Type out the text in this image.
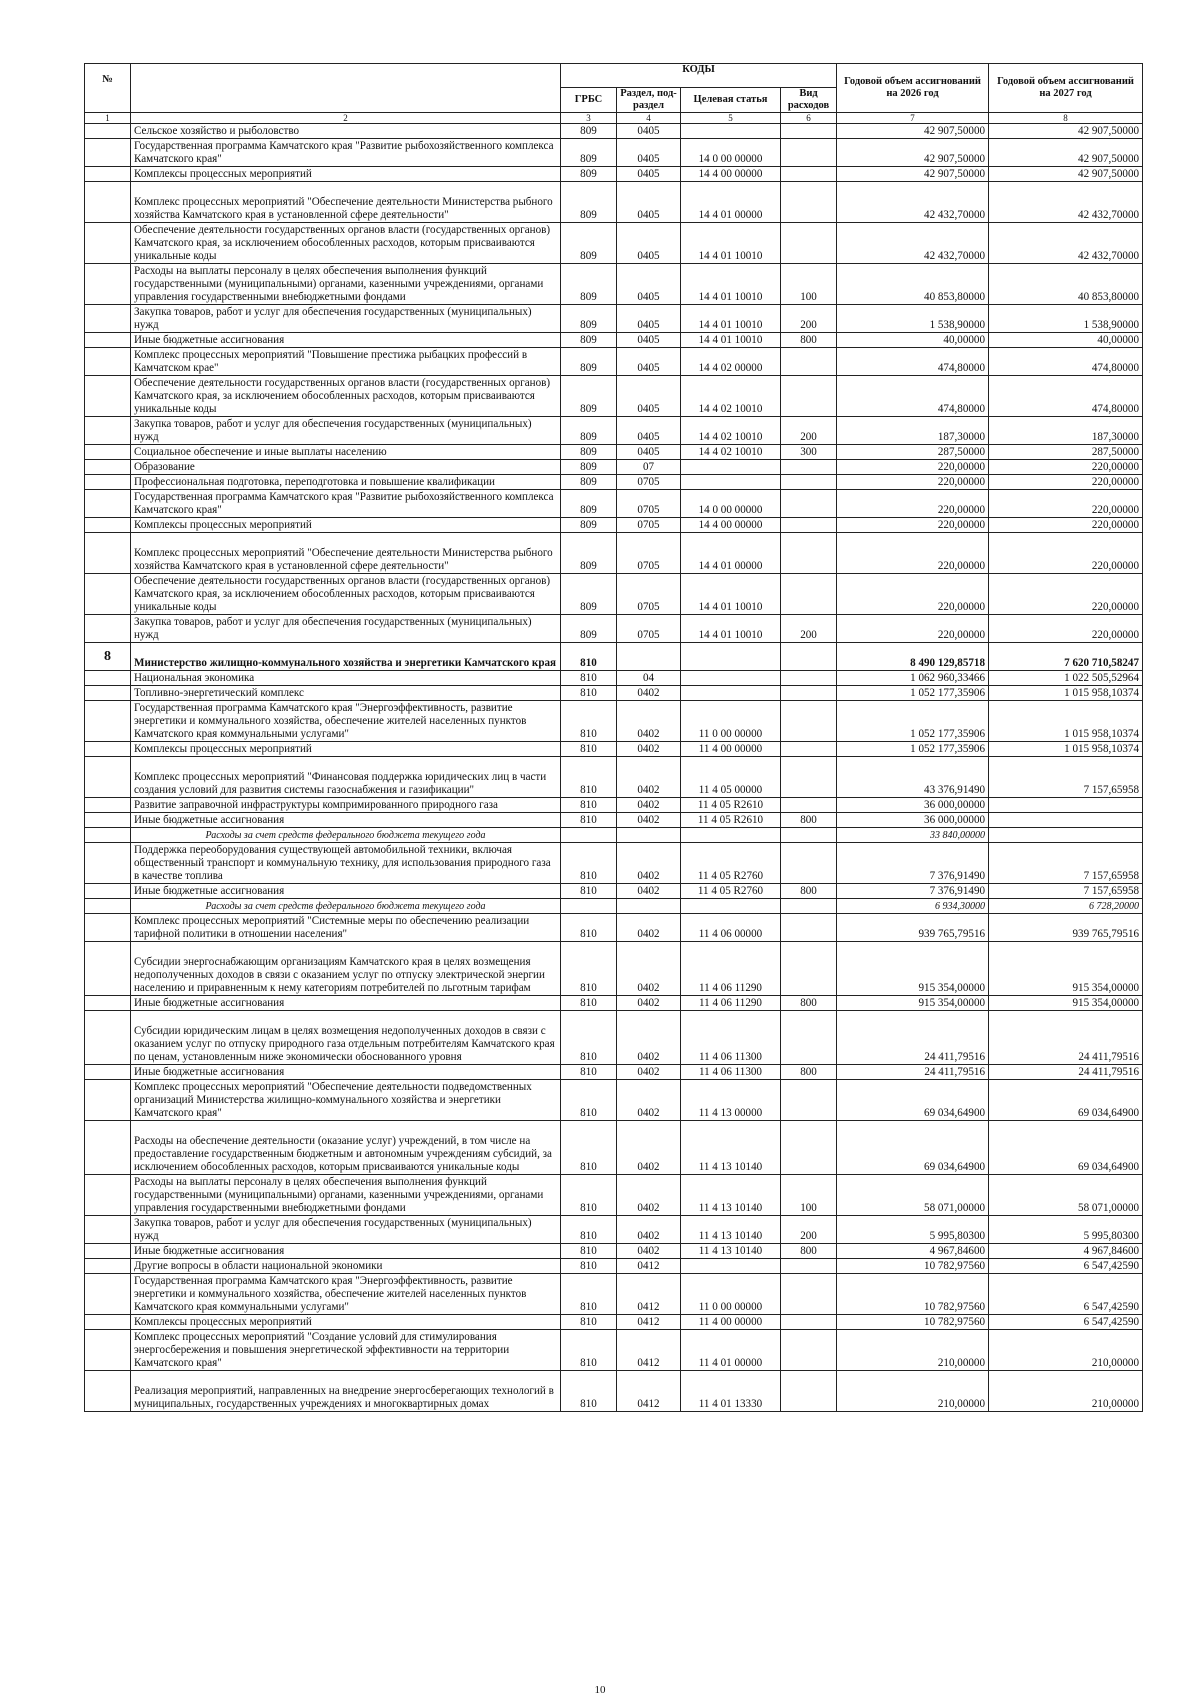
№		КОДЫ				Годовой объем ассигнований на 2026 год	Годовой объем ассигнований на 2027 год
		ГРБС	Раздел, под-раздел	Целевая статья	Вид расходов		
1	2	3	4	5	6	7	8
	Сельское хозяйство и рыболовство	809	0405			42 907,50000	42 907,50000
	Государственная программа Камчатского края "Развитие рыбохозяйственного комплекса Камчатского края"	809	0405	14 0 00 00000		42 907,50000	42 907,50000
	Комплексы процессных мероприятий	809	0405	14 4 00 00000		42 907,50000	42 907,50000
	Комплекс процессных мероприятий "Обеспечение деятельности Министерства рыбного хозяйства Камчатского края в установленной сфере деятельности"	809	0405	14 4 01 00000		42 432,70000	42 432,70000
	Обеспечение деятельности государственных органов власти (государственных органов) Камчатского края, за исключением обособленных расходов, которым присваиваются уникальные коды	809	0405	14 4 01 10010		42 432,70000	42 432,70000
	Расходы на выплаты персоналу в целях обеспечения выполнения функций государственными (муниципальными) органами, казенными учреждениями, органами управления государственными внебюджетными фондами	809	0405	14 4 01 10010	100	40 853,80000	40 853,80000
	Закупка товаров, работ и услуг для обеспечения государственных (муниципальных) нужд	809	0405	14 4 01 10010	200	1 538,90000	1 538,90000
	Иные бюджетные ассигнования	809	0405	14 4 01 10010	800	40,00000	40,00000
	Комплекс процессных мероприятий "Повышение престижа рыбацких профессий в Камчатском крае"	809	0405	14 4 02 00000		474,80000	474,80000
	Обеспечение деятельности государственных органов власти (государственных органов) Камчатского края, за исключением обособленных расходов, которым присваиваются уникальные коды	809	0405	14 4 02 10010		474,80000	474,80000
	Закупка товаров, работ и услуг для обеспечения государственных (муниципальных) нужд	809	0405	14 4 02 10010	200	187,30000	187,30000
	Социальное обеспечение и иные выплаты населению	809	0405	14 4 02 10010	300	287,50000	287,50000
	Образование	809	07			220,00000	220,00000
	Профессиональная подготовка, переподготовка и повышение квалификации	809	0705			220,00000	220,00000
	Государственная программа Камчатского края "Развитие рыбохозяйственного комплекса Камчатского края"	809	0705	14 0 00 00000		220,00000	220,00000
	Комплексы процессных мероприятий	809	0705	14 4 00 00000		220,00000	220,00000
	Комплекс процессных мероприятий "Обеспечение деятельности Министерства рыбного хозяйства Камчатского края в установленной сфере деятельности"	809	0705	14 4 01 00000		220,00000	220,00000
	Обеспечение деятельности государственных органов власти (государственных органов) Камчатского края, за исключением обособленных расходов, которым присваиваются уникальные коды	809	0705	14 4 01 10010		220,00000	220,00000
	Закупка товаров, работ и услуг для обеспечения государственных (муниципальных) нужд	809	0705	14 4 01 10010	200	220,00000	220,00000
8	Министерство жилищно-коммунального хозяйства и энергетики Камчатского края	810				8 490 129,85718	7 620 710,58247
	Национальная экономика	810	04			1 062 960,33466	1 022 505,52964
	Топливно-энергетический комплекс	810	0402			1 052 177,35906	1 015 958,10374
	Государственная программа Камчатского края "Энергоэффективность, развитие энергетики и коммунального хозяйства, обеспечение жителей населенных пунктов Камчатского края коммунальными услугами"	810	0402	11 0 00 00000		1 052 177,35906	1 015 958,10374
	Комплексы процессных мероприятий	810	0402	11 4 00 00000		1 052 177,35906	1 015 958,10374
	Комплекс процессных мероприятий "Финансовая поддержка юридических лиц в части создания условий для развития системы газоснабжения и газификации"	810	0402	11 4 05 00000		43 376,91490	7 157,65958
	Развитие заправочной инфраструктуры компримированного природного газа	810	0402	11 4 05 R2610		36 000,00000	
	Иные бюджетные ассигнования	810	0402	11 4 05 R2610	800	36 000,00000	
	Расходы за счет средств федерального бюджета текущего года					33 840,00000	
	Поддержка переоборудования существующей автомобильной техники, включая общественный транспорт и коммунальную технику, для использования природного газа в качестве топлива	810	0402	11 4 05 R2760		7 376,91490	7 157,65958
	Иные бюджетные ассигнования	810	0402	11 4 05 R2760	800	7 376,91490	7 157,65958
	Расходы за счет средств федерального бюджета текущего года					6 934,30000	6 728,20000
	Комплекс процессных мероприятий "Системные меры по обеспечению реализации тарифной политики в отношении населения"	810	0402	11 4 06 00000		939 765,79516	939 765,79516
	Субсидии энергоснабжающим организациям Камчатского края в целях возмещения недополученных доходов в связи с оказанием услуг по отпуску электрической энергии населению и приравненным к нему категориям потребителей по льготным тарифам	810	0402	11 4 06 11290		915 354,00000	915 354,00000
	Иные бюджетные ассигнования	810	0402	11 4 06 11290	800	915 354,00000	915 354,00000
	Субсидии юридическим лицам в целях возмещения недополученных доходов в связи с оказанием услуг по отпуску природного газа отдельным потребителям Камчатского края по ценам, установленным ниже экономически обоснованного уровня	810	0402	11 4 06 11300		24 411,79516	24 411,79516
	Иные бюджетные ассигнования	810	0402	11 4 06 11300	800	24 411,79516	24 411,79516
	Комплекс процессных мероприятий "Обеспечение деятельности подведомственных организаций Министерства жилищно-коммунального хозяйства и энергетики Камчатского края"	810	0402	11 4 13 00000		69 034,64900	69 034,64900
	Расходы на обеспечение деятельности (оказание услуг) учреждений, в том числе на предоставление государственным бюджетным и автономным учреждениям субсидий, за исключением обособленных расходов, которым присваиваются уникальные коды	810	0402	11 4 13 10140		69 034,64900	69 034,64900
	Расходы на выплаты персоналу в целях обеспечения выполнения функций государственными (муниципальными) органами, казенными учреждениями, органами управления государственными внебюджетными фондами	810	0402	11 4 13 10140	100	58 071,00000	58 071,00000
	Закупка товаров, работ и услуг для обеспечения государственных (муниципальных) нужд	810	0402	11 4 13 10140	200	5 995,80300	5 995,80300
	Иные бюджетные ассигнования	810	0402	11 4 13 10140	800	4 967,84600	4 967,84600
	Другие вопросы в области национальной экономики	810	0412			10 782,97560	6 547,42590
	Государственная программа Камчатского края "Энергоэффективность, развитие энергетики и коммунального хозяйства, обеспечение жителей населенных пунктов Камчатского края коммунальными услугами"	810	0412	11 0 00 00000		10 782,97560	6 547,42590
	Комплексы процессных мероприятий	810	0412	11 4 00 00000		10 782,97560	6 547,42590
	Комплекс процессных мероприятий "Создание условий для стимулирования энергосбережения и повышения энергетической эффективности на территории Камчатского края"	810	0412	11 4 01 00000		210,00000	210,00000
	Реализация мероприятий, направленных на внедрение энергосберегающих технологий в муниципальных, государственных учреждениях и многоквартирных домах	810	0412	11 4 01 13330		210,00000	210,00000
10
